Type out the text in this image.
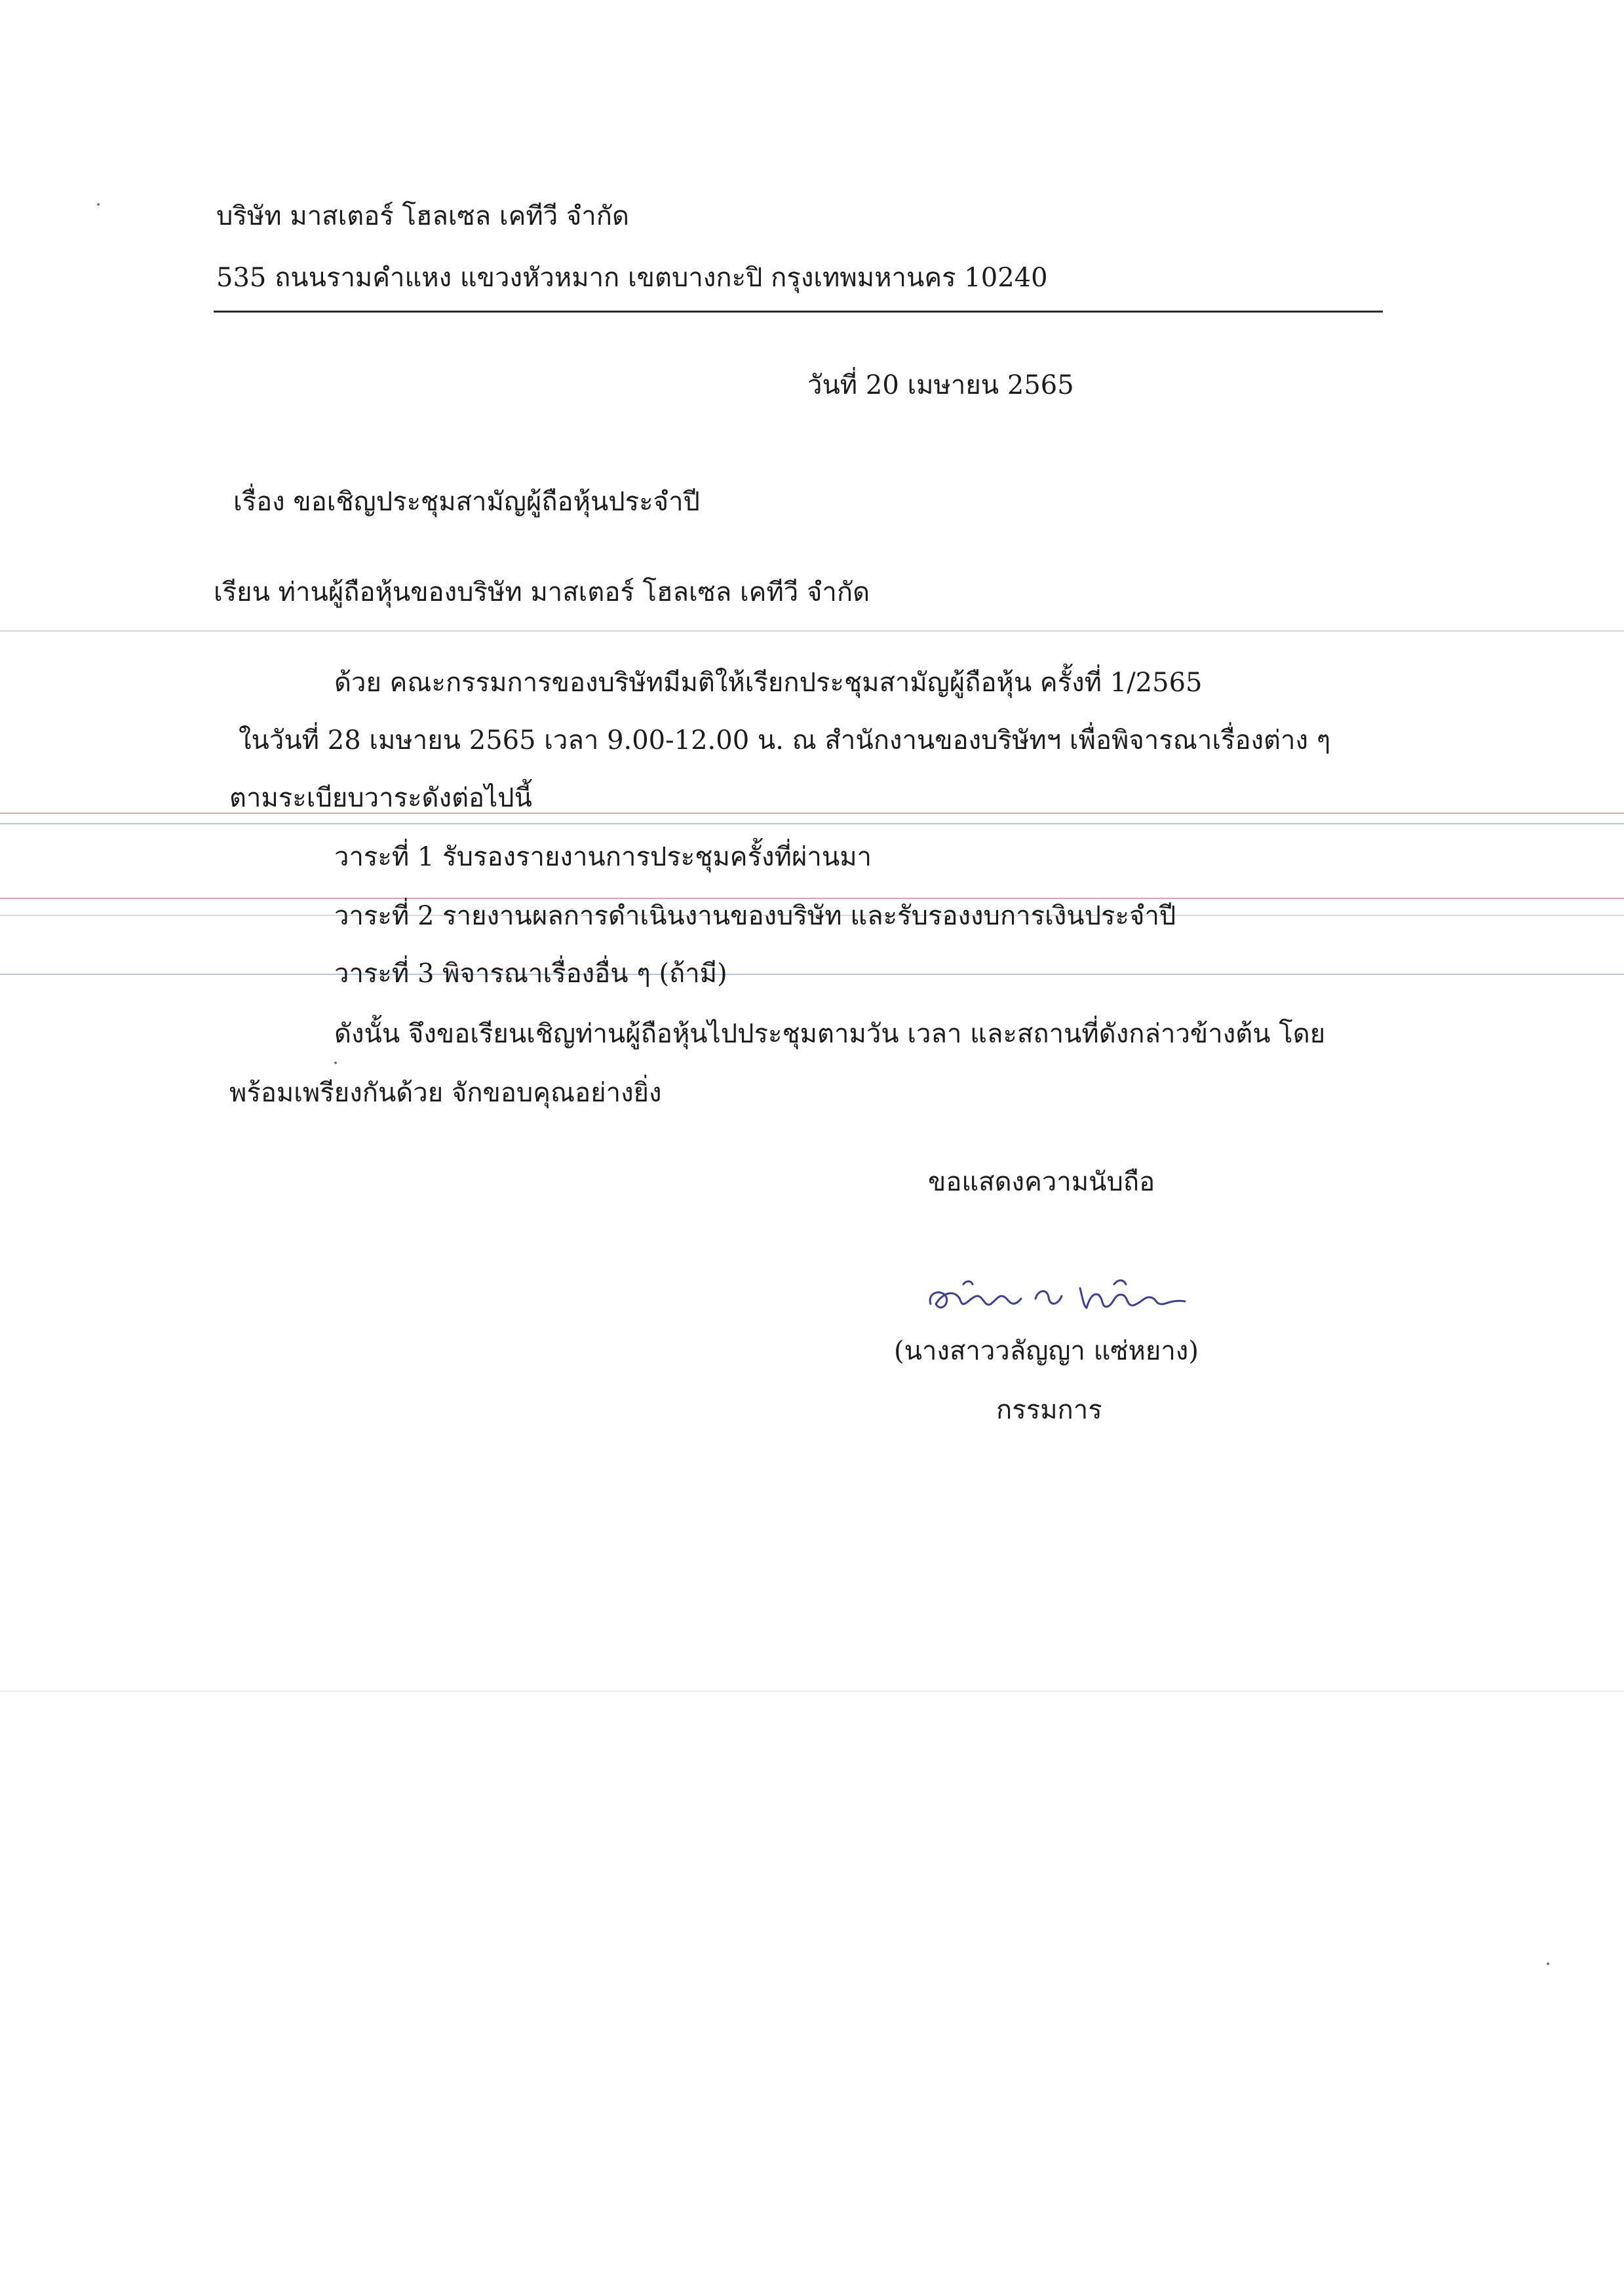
บริษัท มาสเตอร์ โฮลเซล เคทีวี จำกัด
535 ถนนรามคำแหง แขวงหัวหมาก เขตบางกะปิ กรุงเทพมหานคร 10240
วันที่ 20 เมษายน 2565
เรื่อง ขอเชิญประชุมสามัญผู้ถือหุ้นประจำปี
เรียน ท่านผู้ถือหุ้นของบริษัท มาสเตอร์ โฮลเซล เคทีวี จำกัด
ด้วย คณะกรรมการของบริษัทมีมติให้เรียกประชุมสามัญผู้ถือหุ้น ครั้งที่ 1/2565
ในวันที่ 28 เมษายน 2565 เวลา 9.00-12.00 น. ณ สำนักงานของบริษัทฯ เพื่อพิจารณาเรื่องต่าง ๆ
ตามระเบียบวาระดังต่อไปนี้
วาระที่ 1 รับรองรายงานการประชุมครั้งที่ผ่านมา
วาระที่ 2 รายงานผลการดำเนินงานของบริษัท และรับรองงบการเงินประจำปี
วาระที่ 3 พิจารณาเรื่องอื่น ๆ (ถ้ามี)
ดังนั้น จึงขอเรียนเชิญท่านผู้ถือหุ้นไปประชุมตามวัน เวลา และสถานที่ดังกล่าวข้างต้น โดย
พร้อมเพรียงกันด้วย จักขอบคุณอย่างยิ่ง
ขอแสดงความนับถือ
(นางสาววลัญญา แซ่หยาง)
กรรมการ
